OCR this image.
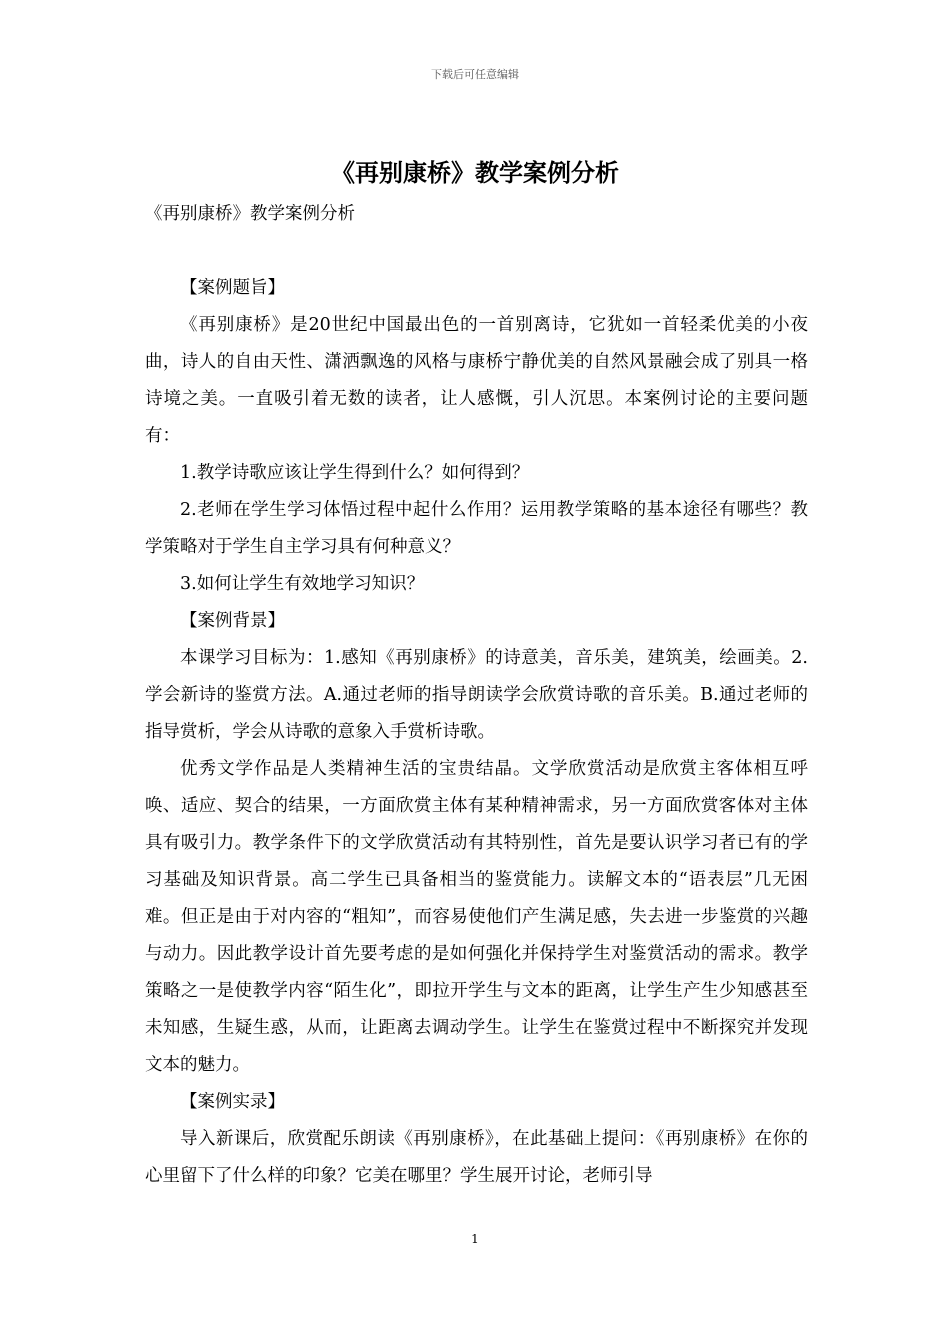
下载后可任意编辑
《再别康桥》教学案例分析

《再别康桥》教学案例分析

【案例题旨】

《再别康桥》是20世纪中国最出色的一首别离诗，它犹如一首轻柔优美的小夜曲，诗人的自由天性、潇洒飘逸的风格与康桥宁静优美的自然风景融会成了别具一格诗境之美。一直吸引着无数的读者，让人感慨，引人沉思。本案例讨论的主要问题有：

1.教学诗歌应该让学生得到什么？如何得到？

2.老师在学生学习体悟过程中起什么作用？运用教学策略的基本途径有哪些？教学策略对于学生自主学习具有何种意义？

3.如何让学生有效地学习知识？

【案例背景】

本课学习目标为：1.感知《再别康桥》的诗意美，音乐美，建筑美，绘画美。2.学会新诗的鉴赏方法。A.通过老师的指导朗读学会欣赏诗歌的音乐美。B.通过老师的指导赏析，学会从诗歌的意象入手赏析诗歌。

优秀文学作品是人类精神生活的宝贵结晶。文学欣赏活动是欣赏主客体相互呼唤、适应、契合的结果，一方面欣赏主体有某种精神需求，另一方面欣赏客体对主体具有吸引力。教学条件下的文学欣赏活动有其特别性，首先是要认识学习者已有的学习基础及知识背景。高二学生已具备相当的鉴赏能力。读解文本的“语表层”几无困难。但正是由于对内容的“粗知”，而容易使他们产生满足感，失去进一步鉴赏的兴趣与动力。因此教学设计首先要考虑的是如何强化并保持学生对鉴赏活动的需求。教学策略之一是使教学内容“陌生化”，即拉开学生与文本的距离，让学生产生少知感甚至未知感，生疑生惑，从而，让距离去调动学生。让学生在鉴赏过程中不断探究并发现文本的魅力。

【案例实录】

导入新课后，欣赏配乐朗读《再别康桥》，在此基础上提问：《再别康桥》在你的心里留下了什么样的印象？它美在哪里？学生展开讨论，老师引导

1
